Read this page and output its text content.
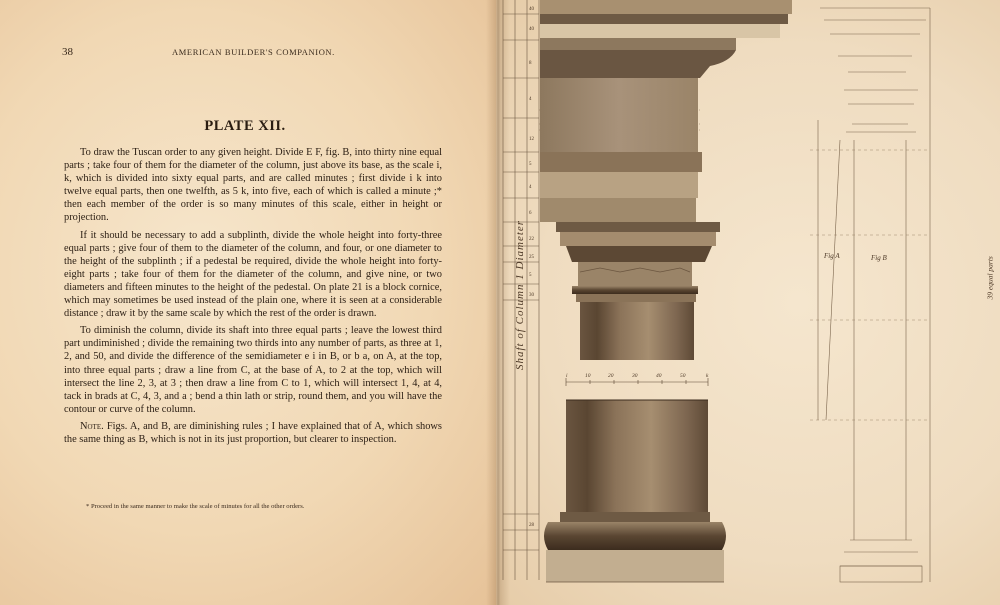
38	AMERICAN BUILDER'S COMPANION.
PLATE XII.

To draw the Tuscan order to any given height. Divide E F, fig. B, into thirty nine equal parts ; take four of them for the diameter of the column, just above its base, as the scale i, k, which is divided into sixty equal parts, and are called minutes ; first divide i k into twelve equal parts, then one twelfth, as 5 k, into five, each of which is called a minute ;* then each member of the order is so many minutes of this scale, either in height or projection.

If it should be necessary to add a subplinth, divide the whole height into forty-three equal parts ; give four of them to the diameter of the column, and four, or one diameter to the height of the subplinth ; if a pedestal be required, divide the whole height into forty-eight parts ; take four of them for the diameter of the column, and give nine, or two diameters and fifteen minutes to the height of the pedestal. On plate 21 is a block cornice, which may sometimes be used instead of the plain one, where it is seen at a considerable distance ; draw it by the same scale by which the rest of the order is drawn.

To diminish the column, divide its shaft into three equal parts ; leave the lowest third part undiminished ; divide the remaining two thirds into any number of parts, as three at 1, 2, and 50, and divide the difference of the semidiameter e i in B, or b a, on A, at the top, into three equal parts ; draw a line from C, at the base of A, to 2 at the top, which will intersect the line 2, 3, at 3 ; then draw a line from C to 1, which will intersect 1, 4, at 4, tack in brads at C, 4, 3, and a ; bend a thin lath or strip, round them, and you will have the contour or curve of the column.

Note. Figs. A, and B, are diminishing rules ; I have explained that of A, which shows the same thing as B, which is not in its just proportion, but clearer to inspection.

* Proceed in the same manner to make the scale of minutes for all the other orders.
i	10	20	30	40	50	k
40
40
8
4
12
5
4
6
22
25
5
30
28
Shaft of Column 1 Diameter	Fig A	Fig B	39 equal parts
